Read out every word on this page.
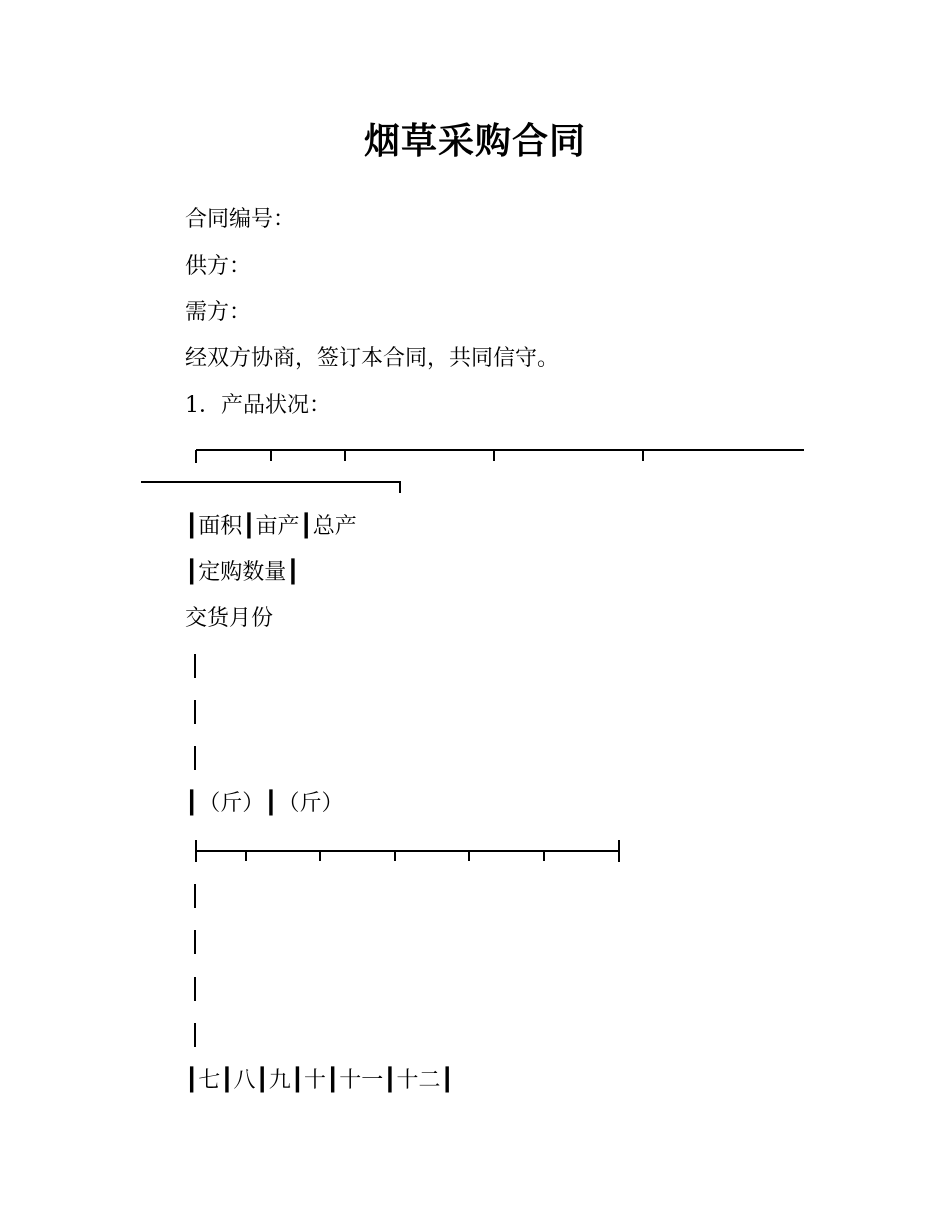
烟草采购合同
合同编号：
供方：
需方：
经双方协商，签订本合同，共同信守。
1．产品状况：
┃面积┃亩产┃总产
┃定购数量┃
交货月份
┃（斤）┃（斤）
┃七┃八┃九┃十┃十一┃十二┃
